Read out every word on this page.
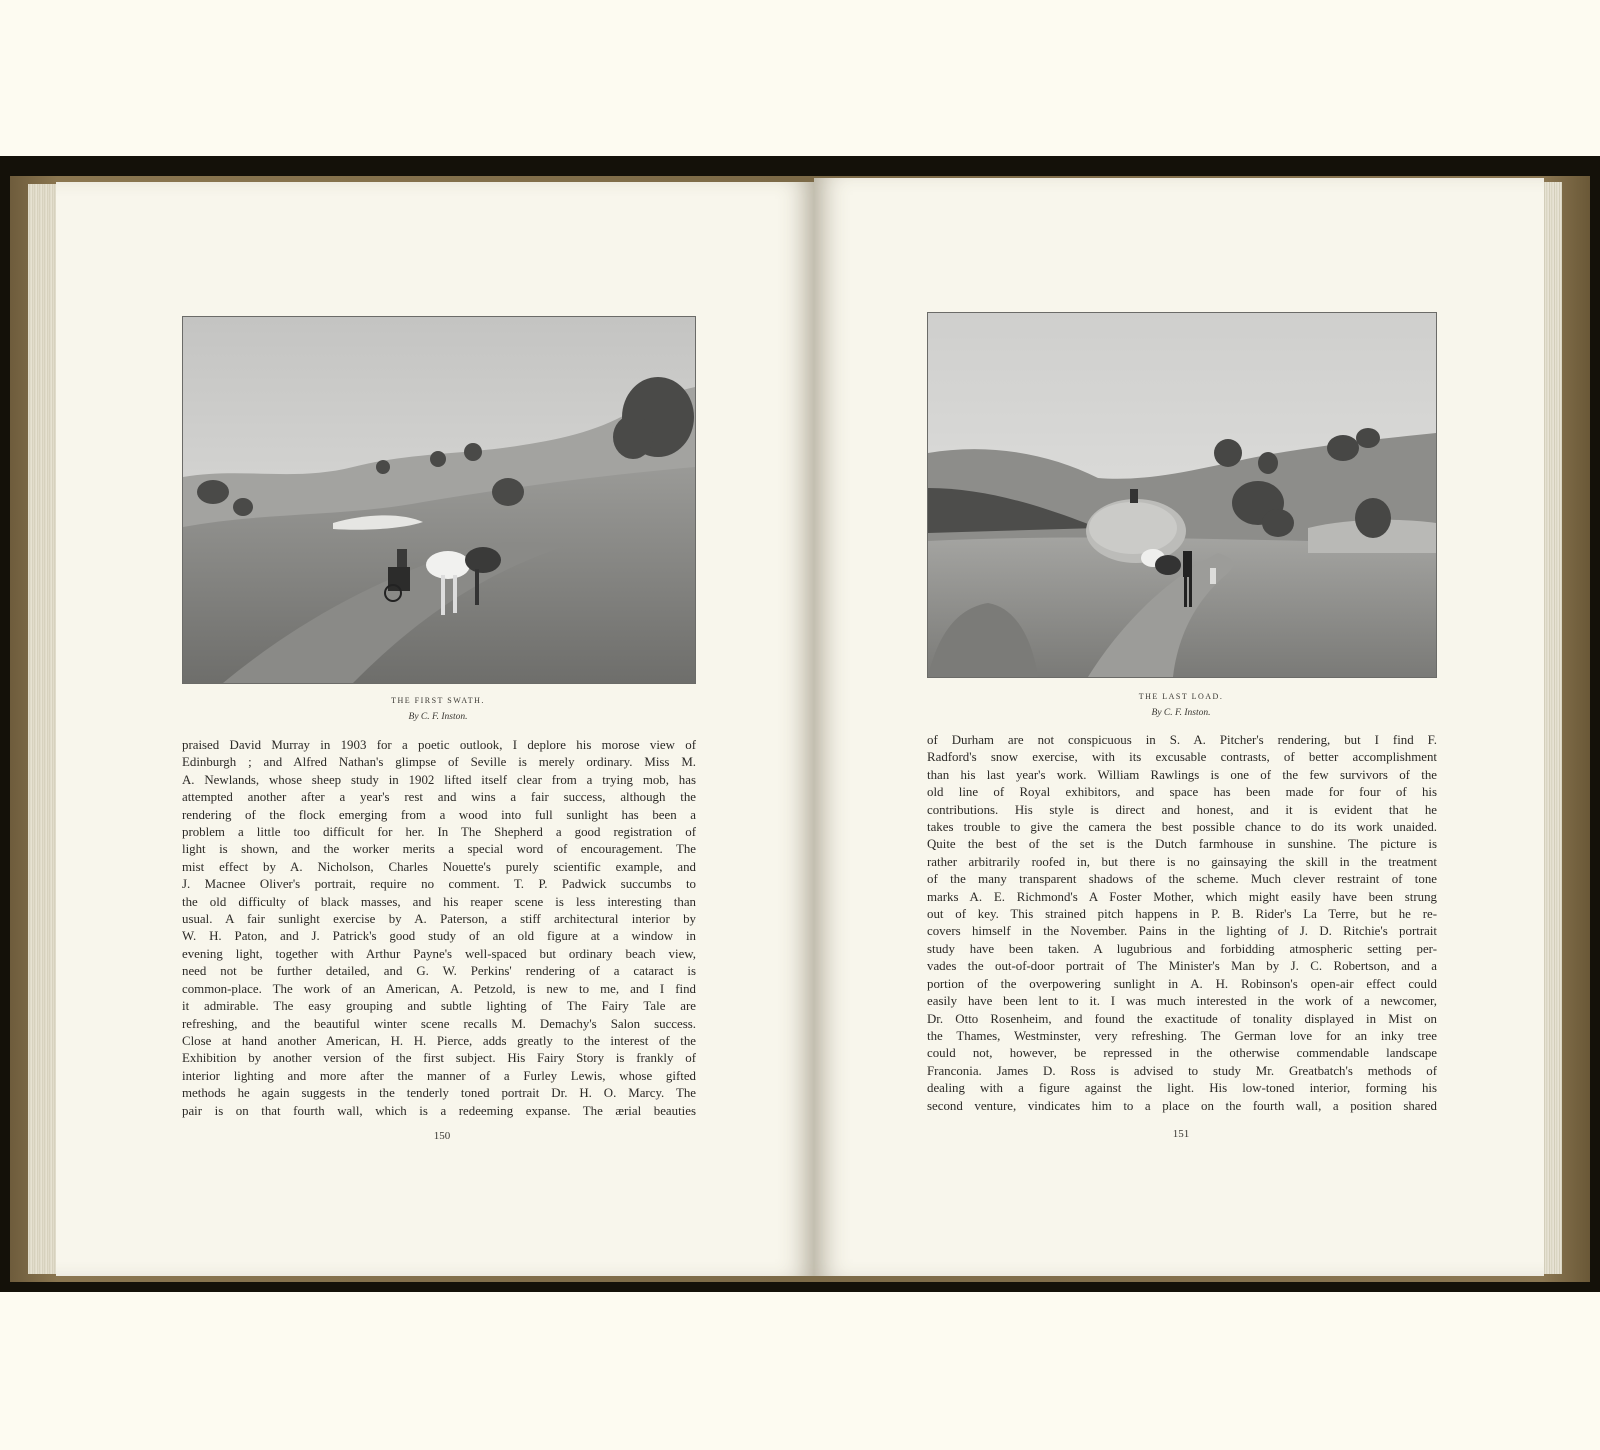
THE FIRST SWATH.
By C. F. Inston.
praised David Murray in 1903 for a poetic outlook, I deplore his morose view of
Edinburgh ; and Alfred Nathan's glimpse of Seville is merely ordinary. Miss M.
A. Newlands, whose sheep study in 1902 lifted itself clear from a trying mob, has
attempted another after a year's rest and wins a fair success, although the
rendering of the flock emerging from a wood into full sunlight has been a
problem a little too difficult for her. In The Shepherd a good registration of
light is shown, and the worker merits a special word of encouragement. The
mist effect by A. Nicholson, Charles Nouette's purely scientific example, and
J. Macnee Oliver's portrait, require no comment. T. P. Padwick succumbs to
the old difficulty of black masses, and his reaper scene is less interesting than
usual. A fair sunlight exercise by A. Paterson, a stiff architectural interior by
W. H. Paton, and J. Patrick's good study of an old figure at a window in
evening light, together with Arthur Payne's well-spaced but ordinary beach view,
need not be further detailed, and G. W. Perkins' rendering of a cataract is
common-place. The work of an American, A. Petzold, is new to me, and I find
it admirable. The easy grouping and subtle lighting of The Fairy Tale are
refreshing, and the beautiful winter scene recalls M. Demachy's Salon success.
Close at hand another American, H. H. Pierce, adds greatly to the interest of the
Exhibition by another version of the first subject. His Fairy Story is frankly of
interior lighting and more after the manner of a Furley Lewis, whose gifted
methods he again suggests in the tenderly toned portrait Dr. H. O. Marcy. The
pair is on that fourth wall, which is a redeeming expanse. The ærial beauties
150
THE LAST LOAD.
By C. F. Inston.
of Durham are not conspicuous in S. A. Pitcher's rendering, but I find F.
Radford's snow exercise, with its excusable contrasts, of better accomplishment
than his last year's work. William Rawlings is one of the few survivors of the
old line of Royal exhibitors, and space has been made for four of his
contributions. His style is direct and honest, and it is evident that he
takes trouble to give the camera the best possible chance to do its work unaided.
Quite the best of the set is the Dutch farmhouse in sunshine. The picture is
rather arbitrarily roofed in, but there is no gainsaying the skill in the treatment
of the many transparent shadows of the scheme. Much clever restraint of tone
marks A. E. Richmond's A Foster Mother, which might easily have been strung
out of key. This strained pitch happens in P. B. Rider's La Terre, but he re-
covers himself in the November. Pains in the lighting of J. D. Ritchie's portrait
study have been taken. A lugubrious and forbidding atmospheric setting per-
vades the out-of-door portrait of The Minister's Man by J. C. Robertson, and a
portion of the overpowering sunlight in A. H. Robinson's open-air effect could
easily have been lent to it. I was much interested in the work of a newcomer,
Dr. Otto Rosenheim, and found the exactitude of tonality displayed in Mist on
the Thames, Westminster, very refreshing. The German love for an inky tree
could not, however, be repressed in the otherwise commendable landscape
Franconia. James D. Ross is advised to study Mr. Greatbatch's methods of
dealing with a figure against the light. His low-toned interior, forming his
second venture, vindicates him to a place on the fourth wall, a position shared
151
